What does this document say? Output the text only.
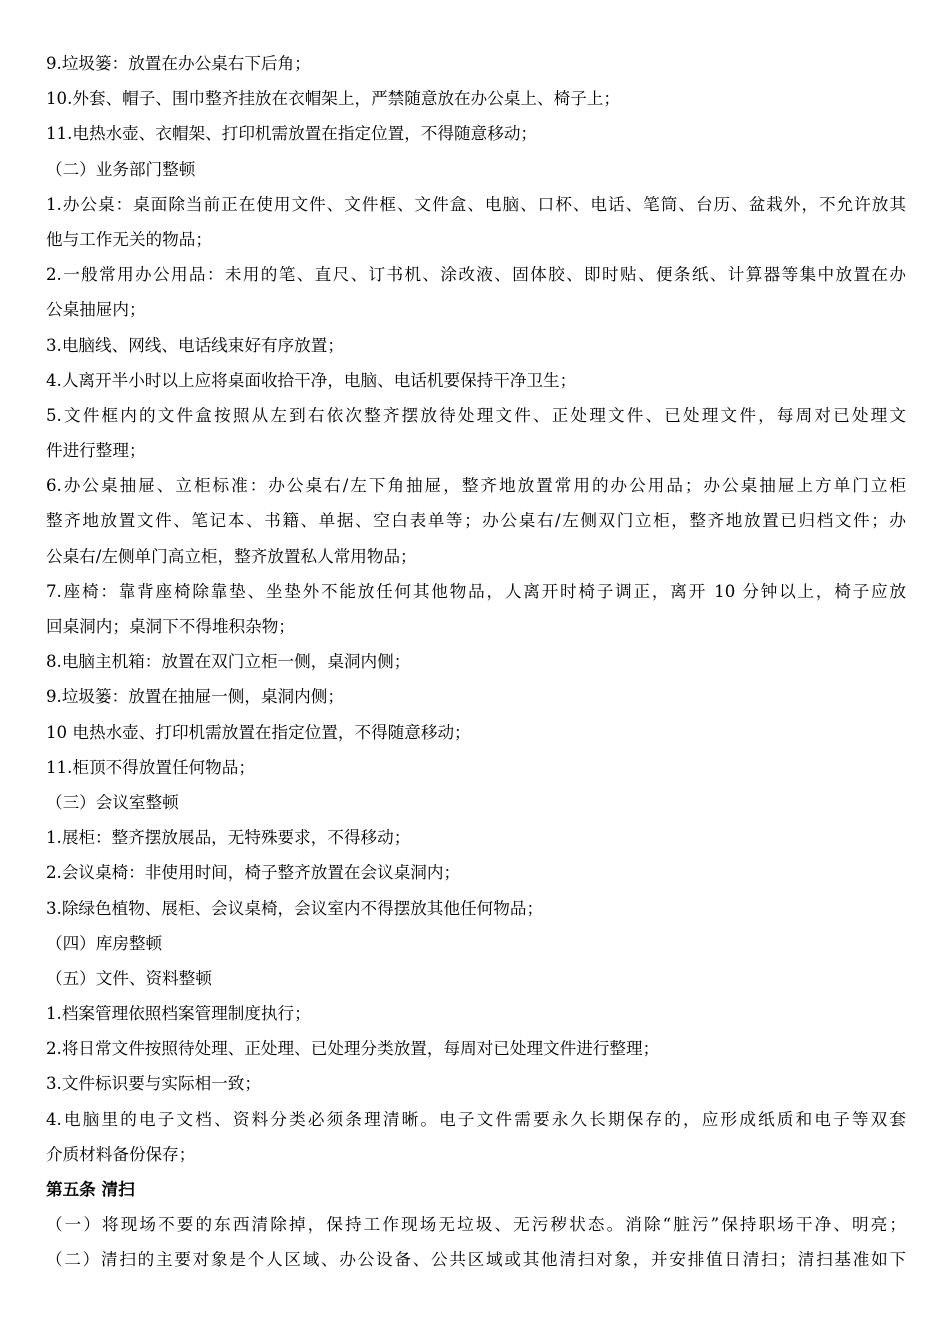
9.垃圾篓：放置在办公桌右下后角；
10.外套、帽子、围巾整齐挂放在衣帽架上，严禁随意放在办公桌上、椅子上；
11.电热水壶、衣帽架、打印机需放置在指定位置，不得随意移动；
（二）业务部门整顿
1.办公桌：桌面除当前正在使用文件、文件框、文件盒、电脑、口杯、电话、笔筒、台历、盆栽外，不允许放其
他与工作无关的物品；
2.一般常用办公用品：未用的笔、直尺、订书机、涂改液、固体胶、即时贴、便条纸、计算器等集中放置在办
公桌抽屉内；
3.电脑线、网线、电话线束好有序放置；
4.人离开半小时以上应将桌面收拾干净，电脑、电话机要保持干净卫生；
5.文件框内的文件盒按照从左到右依次整齐摆放待处理文件、正处理文件、已处理文件，每周对已处理文
件进行整理；
6.办公桌抽屉、立柜标准：办公桌右/左下角抽屉，整齐地放置常用的办公用品；办公桌抽屉上方单门立柜
整齐地放置文件、笔记本、书籍、单据、空白表单等；办公桌右/左侧双门立柜，整齐地放置已归档文件；办
公桌右/左侧单门高立柜，整齐放置私人常用物品；
7.座椅：靠背座椅除靠垫、坐垫外不能放任何其他物品，人离开时椅子调正，离开 10 分钟以上，椅子应放
回桌洞内；桌洞下不得堆积杂物；
8.电脑主机箱：放置在双门立柜一侧，桌洞内侧；
9.垃圾篓：放置在抽屉一侧，桌洞内侧；
10 电热水壶、打印机需放置在指定位置，不得随意移动；
11.柜顶不得放置任何物品；
（三）会议室整顿
1.展柜：整齐摆放展品，无特殊要求，不得移动；
2.会议桌椅：非使用时间，椅子整齐放置在会议桌洞内；
3.除绿色植物、展柜、会议桌椅，会议室内不得摆放其他任何物品；
（四）库房整顿
（五）文件、资料整顿
1.档案管理依照档案管理制度执行；
2.将日常文件按照待处理、正处理、已处理分类放置，每周对已处理文件进行整理；
3.文件标识要与实际相一致；
4.电脑里的电子文档、资料分类必须条理清晰。电子文件需要永久长期保存的，应形成纸质和电子等双套
介质材料备份保存；
第五条 清扫
（一）将现场不要的东西清除掉，保持工作现场无垃圾、无污秽状态。消除“脏污”保持职场干净、明亮；
（二）清扫的主要对象是个人区域、办公设备、公共区域或其他清扫对象，并安排值日清扫；清扫基准如下
